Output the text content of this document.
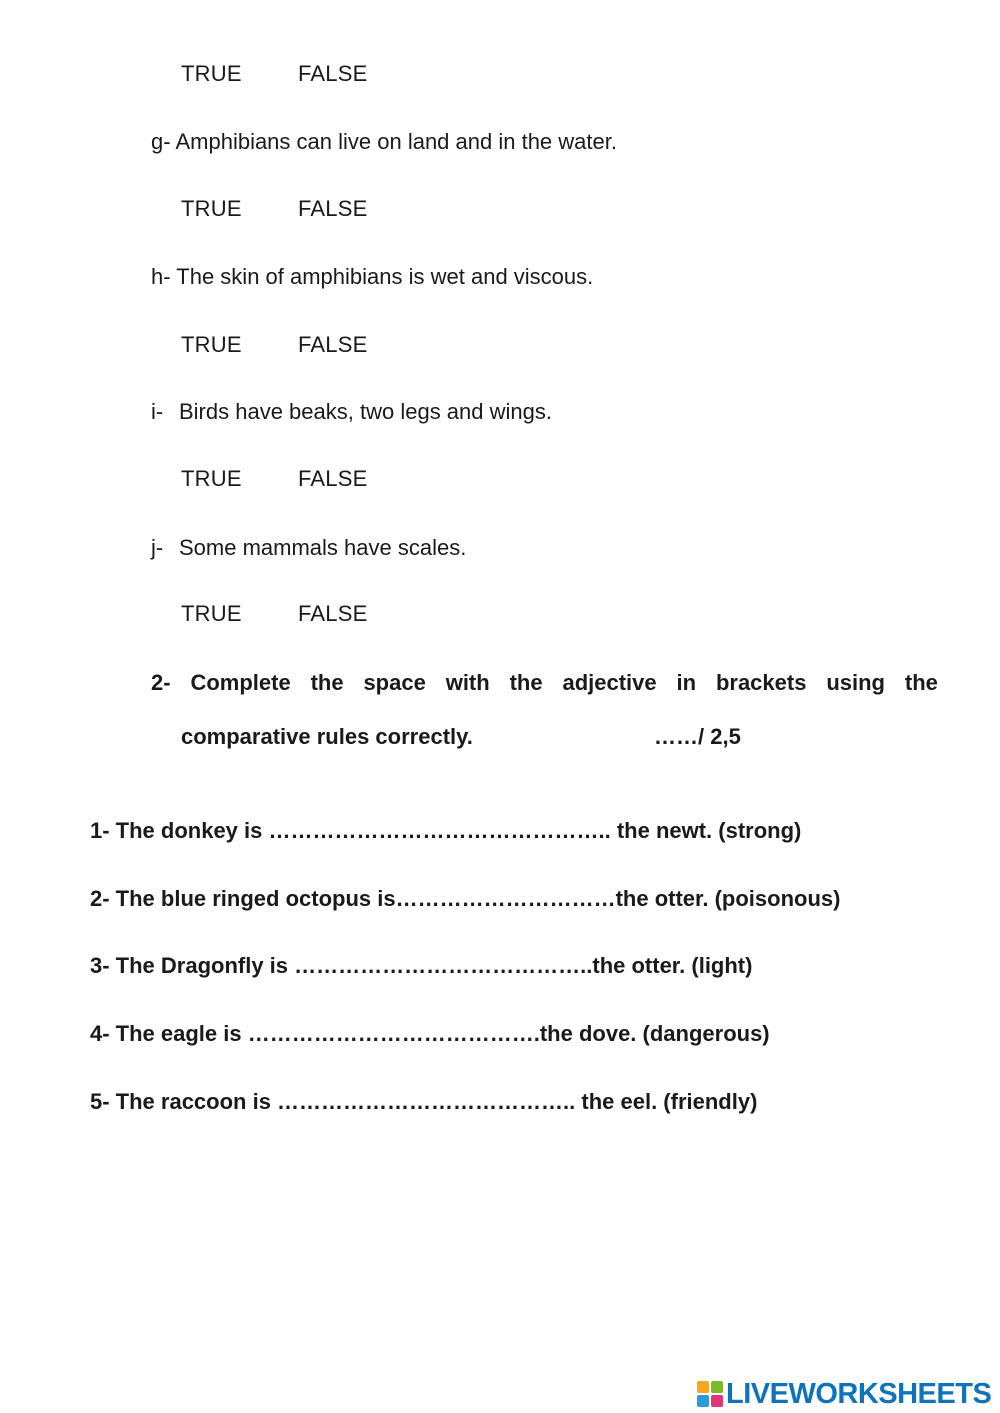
TRUE	FALSE
g- Amphibians can live on land and in the water.
TRUE	FALSE
h- The skin of amphibians is wet and viscous.
TRUE	FALSE
i- Birds have beaks, two legs and wings.
TRUE	FALSE
j- Some mammals have scales.
TRUE	FALSE
2- Complete the space with the adjective in brackets using the
comparative rules correctly.	……/ 2,5
1- The donkey is ……………………………………….. the newt. (strong)
2- The blue ringed octopus is…………………………the otter. (poisonous)
3- The Dragonfly is …………………………………..the otter. (light)
4- The eagle is ………………………………….the dove. (dangerous)
5- The raccoon is ………………………………….. the eel. (friendly)
LIVEWORKSHEETS
